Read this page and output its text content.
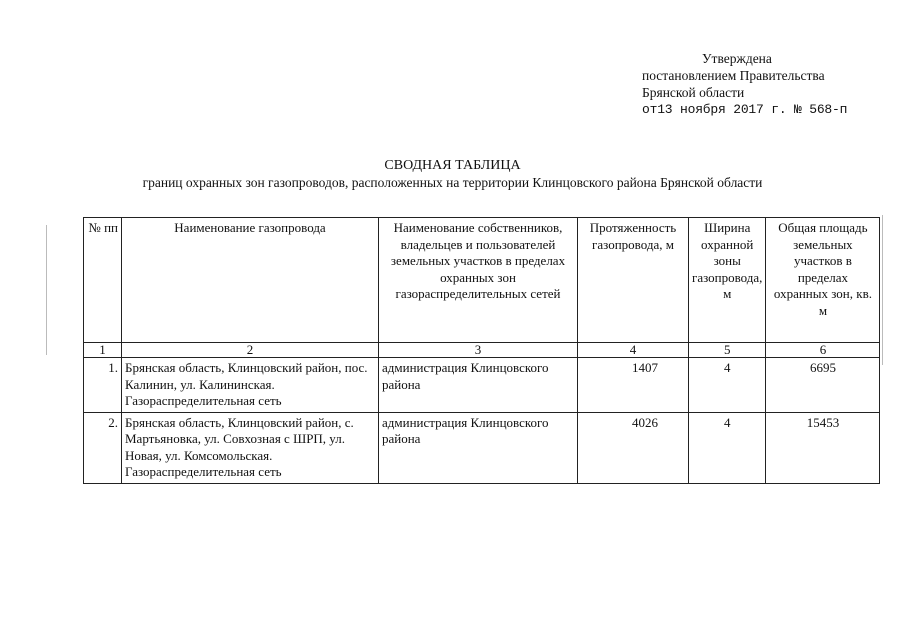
Утверждена
постановлением Правительства
Брянской области
от13 ноября 2017 г. № 568-п
СВОДНАЯ ТАБЛИЦА
границ охранных зон газопроводов, расположенных на территории Клинцовского района Брянской области
№ пп	Наименование газопровода	Наименование собственников, владельцев и пользователей земельных участков в пределах охранных зон газораспределительных сетей	Протяженность газопровода, м	Ширина охранной зоны газопровода, м	Общая площадь земельных участков в пределах охранных зон, кв. м
1	2	3	4	5	6
1.	Брянская область, Клинцовский район, пос. Калинин, ул. Калининская. Газораспределительная сеть	администрация Клинцовского района	1407	4	6695
2.	Брянская область, Клинцовский район, с. Мартьяновка, ул. Совхозная с ШРП, ул. Новая, ул. Комсомольская. Газораспределительная сеть	администрация Клинцовского района	4026	4	15453
